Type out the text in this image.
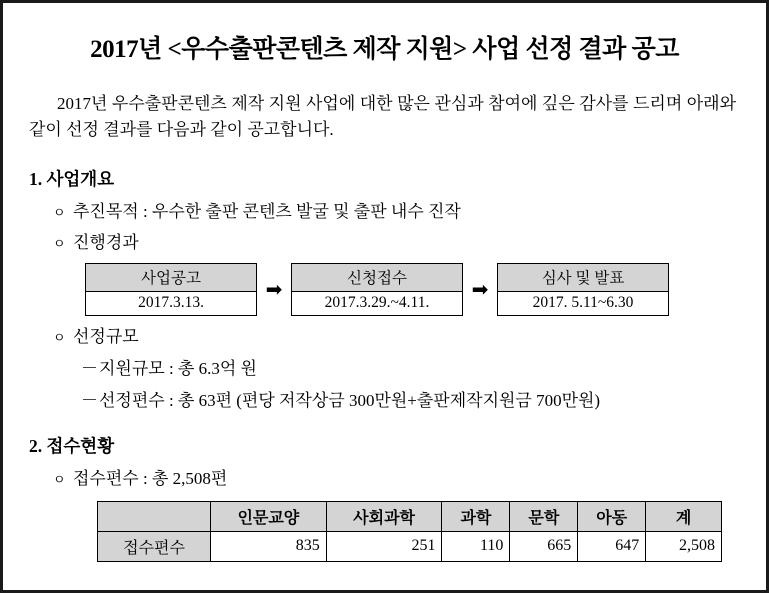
2017년 <우수출판콘텐츠 제작 지원> 사업 선정 결과 공고

2017년 우수출판콘텐츠 제작 지원 사업에 대한 많은 관심과 참여에 깊은 감사를 드리며 아래와 같이 선정 결과를 다음과 같이 공고합니다.

1. 사업개요
ㅇ 추진목적 : 우수한 출판 콘텐츠 발굴 및 출판 내수 진작
ㅇ 진행경과
사업공고
2017.3.13.
➡	신청접수
2017.3.29.~4.11.
➡	심사 및 발표
2017. 5.11~6.30
ㅇ 선정규모
－ 지원규모 : 총 6.3억 원
－ 선정편수 : 총 63편 (편당 저작상금 300만원+출판제작지원금 700만원)
2. 접수현황
ㅇ 접수편수 : 총 2,508편
	인문교양	사회과학	과학	문학	아동	계
접수편수	835	251	110	665	647	2,508
